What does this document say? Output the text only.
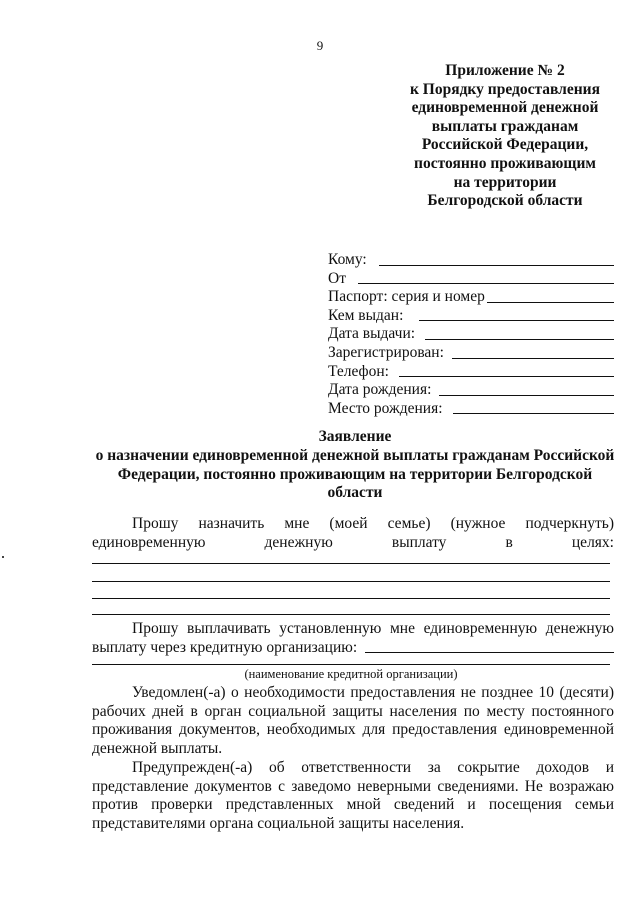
9
Приложение № 2
к Порядку предоставления
единовременной денежной
выплаты гражданам
Российской Федерации,
постоянно проживающим
на территории
Белгородской области
Кому:
От
Паспорт: серия и номер
Кем выдан:
Дата выдачи:
Зарегистрирован:
Телефон:
Дата рождения:
Место рождения:
Заявление
о назначении единовременной денежной выплаты гражданам Российской Федерации, постоянно проживающим на территории Белгородской области
Прошу назначить мне (моей семье) (нужное подчеркнуть)
единовременную денежную выплату в целях:
Прошу выплачивать установленную мне единовременную денежную
выплату через кредитную организацию:
(наименование кредитной организации)
Уведомлен(-а) о необходимости предоставления не позднее 10 (десяти) рабочих дней в орган социальной защиты населения по месту постоянного проживания документов, необходимых для предоставления единовременной денежной выплаты.
Предупрежден(-а) об ответственности за сокрытие доходов и представление документов с заведомо неверными сведениями. Не возражаю против проверки представленных мной сведений и посещения семьи представителями органа социальной защиты населения.
